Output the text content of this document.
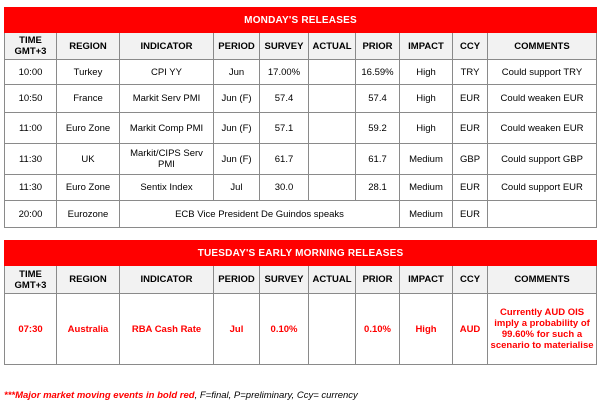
MONDAY'S RELEASES									
TIME GMT+3	REGION	INDICATOR	PERIOD	SURVEY	ACTUAL	PRIOR	IMPACT	CCY	COMMENTS
10:00	Turkey	CPI YY	Jun	17.00%		16.59%	High	TRY	Could support TRY
10:50	France	Markit Serv PMI	Jun (F)	57.4		57.4	High	EUR	Could weaken EUR
11:00	Euro Zone	Markit Comp PMI	Jun (F)	57.1		59.2	High	EUR	Could weaken EUR
11:30	UK	Markit/CIPS Serv PMI	Jun (F)	61.7		61.7	Medium	GBP	Could support GBP
11:30	Euro Zone	Sentix Index	Jul	30.0		28.1	Medium	EUR	Could support EUR
20:00	Eurozone	ECB Vice President De Guindos speaks					Medium	EUR	
TUESDAY'S EARLY MORNING RELEASES									
TIME GMT+3	REGION	INDICATOR	PERIOD	SURVEY	ACTUAL	PRIOR	IMPACT	CCY	COMMENTS
07:30	Australia	RBA Cash Rate	Jul	0.10%		0.10%	High	AUD	Currently AUD OIS imply a probability of 99.60% for such a scenario to materialise
***Major market moving events in bold red, F=final, P=preliminary, Ccy= currency
